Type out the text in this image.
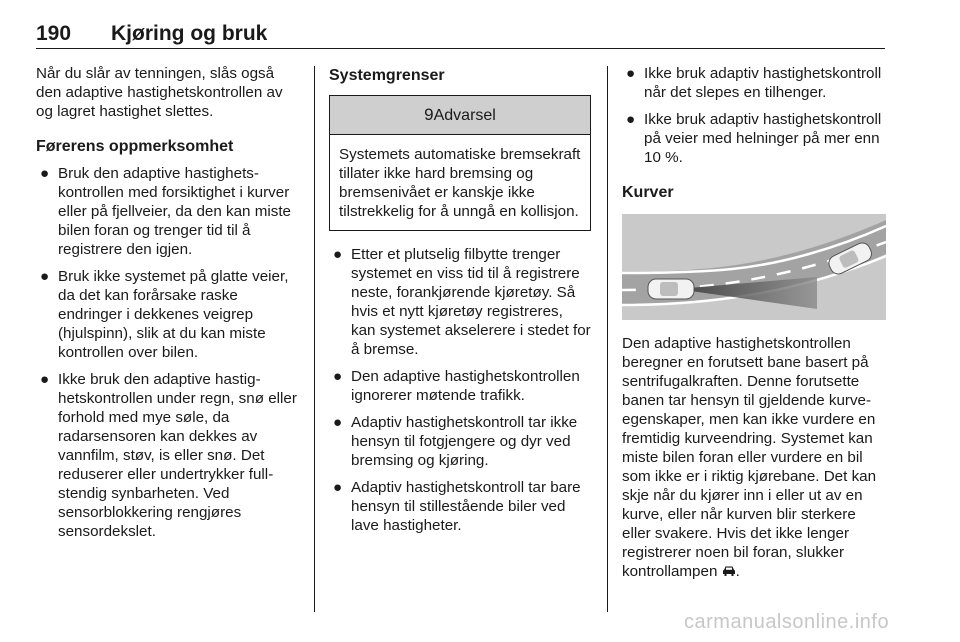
190 Kjøring og bruk

Når du slår av tenningen, slås også den adaptive hastighetskontrollen av og lagret hastighet slettes.

Førerens oppmerksomhet

● Bruk den adaptive hastighetskontrollen med forsiktighet i kurver eller på fjellveier, da den kan miste bilen foran og trenger tid til å registrere den igjen.
● Bruk ikke systemet på glatte veier, da det kan forårsake raske endringer i dekkenes veigrep (hjulspinn), slik at du kan miste kontrollen over bilen.
● Ikke bruk den adaptive hastighetskontrollen under regn, snø eller forhold med mye søle, da radarsensoren kan dekkes av vannfilm, støv, is eller snø. Det reduserer eller undertrykker fullstendig synbarheten. Ved sensorblokkering rengjøres sensordekslet.

Systemgrenser

9Advarsel
Systemets automatiske bremsekraft tillater ikke hard bremsing og bremsenivået er kanskje ikke tilstrekkelig for å unngå en kollisjon.
● Etter et plutselig filbytte trenger systemet en viss tid til å registrere neste, forankjørende kjøretøy. Så hvis et nytt kjøretøy registreres, kan systemet akselerere i stedet for å bremse.
● Den adaptive hastighetskontrollen ignorerer møtende trafikk.
● Adaptiv hastighetskontroll tar ikke hensyn til fotgjengere og dyr ved bremsing og kjøring.
● Adaptiv hastighetskontroll tar bare hensyn til stillestående biler ved lave hastigheter.
● Ikke bruk adaptiv hastighetskontroll når det slepes en tilhenger.
● Ikke bruk adaptiv hastighetskontroll på veier med helninger på mer enn 10 %.

Kurver

Den adaptive hastighetskontrollen beregner en forutsett bane basert på sentrifugalkraften. Denne forutsette banen tar hensyn til gjeldende kurveegenskaper, men kan ikke vurdere en fremtidig kurveendring. Systemet kan miste bilen foran eller vurdere en bil som ikke er i riktig kjørebane. Det kan skje når du kjører inn i eller ut av en kurve, eller når kurven blir sterkere eller svakere. Hvis det ikke lenger registrerer noen bil foran, slukker kontrollampen .

carmanualsonline.info
